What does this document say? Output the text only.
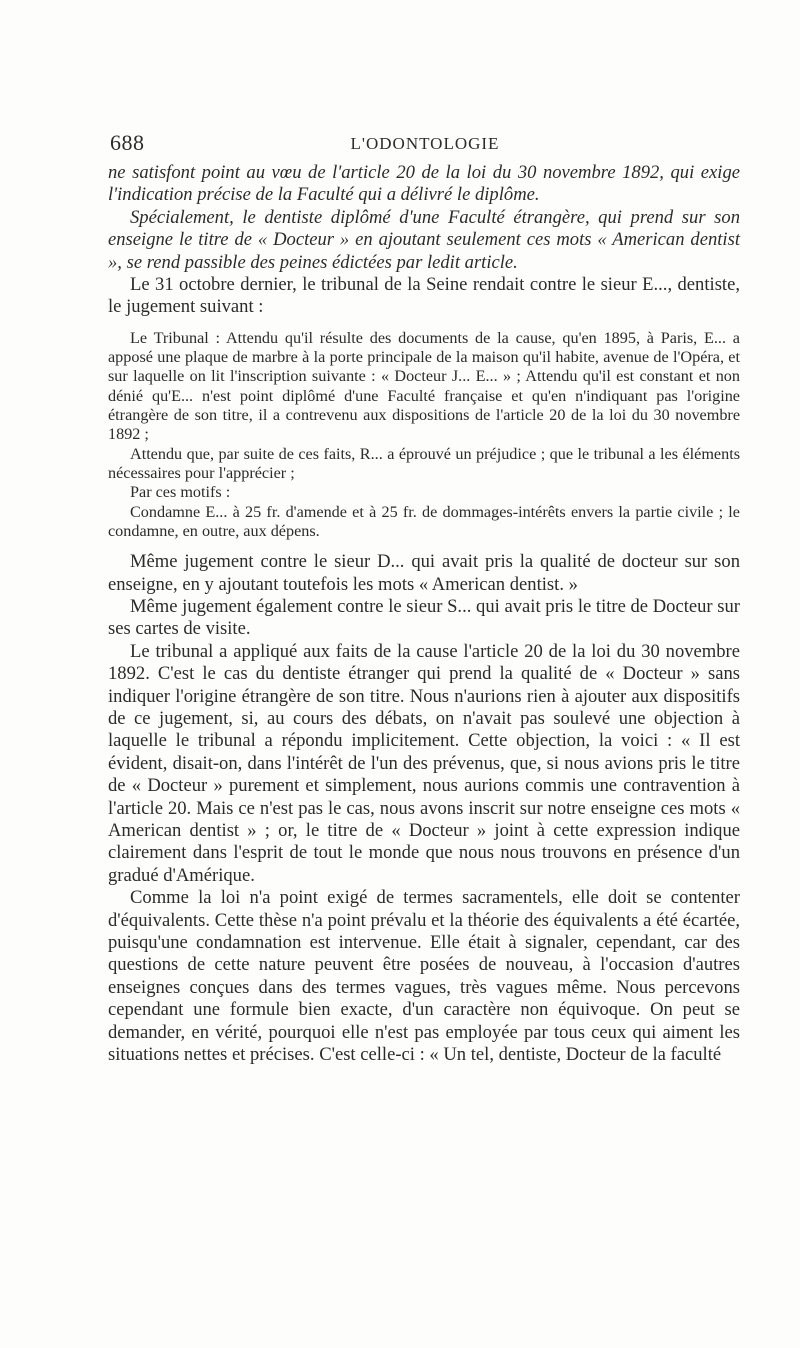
688	L'ODONTOLOGIE

ne satisfont point au vœu de l'article 20 de la loi du 30 novembre 1892, qui exige l'indication précise de la Faculté qui a délivré le diplôme.

Spécialement, le dentiste diplômé d'une Faculté étrangère, qui prend sur son enseigne le titre de « Docteur » en ajoutant seulement ces mots « American dentist », se rend passible des peines édictées par ledit article.

Le 31 octobre dernier, le tribunal de la Seine rendait contre le sieur E..., dentiste, le jugement suivant :

Le Tribunal : Attendu qu'il résulte des documents de la cause, qu'en 1895, à Paris, E... a apposé une plaque de marbre à la porte principale de la maison qu'il habite, avenue de l'Opéra, et sur laquelle on lit l'inscription suivante : « Docteur J... E... » ; Attendu qu'il est constant et non dénié qu'E... n'est point diplômé d'une Faculté française et qu'en n'indiquant pas l'origine étrangère de son titre, il a contrevenu aux dispositions de l'article 20 de la loi du 30 novembre 1892 ;

Attendu que, par suite de ces faits, R... a éprouvé un préjudice ; que le tribunal a les éléments nécessaires pour l'apprécier ;

Par ces motifs :

Condamne E... à 25 fr. d'amende et à 25 fr. de dommages-intérêts envers la partie civile ; le condamne, en outre, aux dépens.

Même jugement contre le sieur D... qui avait pris la qualité de docteur sur son enseigne, en y ajoutant toutefois les mots « American dentist. »

Même jugement également contre le sieur S... qui avait pris le titre de Docteur sur ses cartes de visite.

Le tribunal a appliqué aux faits de la cause l'article 20 de la loi du 30 novembre 1892. C'est le cas du dentiste étranger qui prend la qualité de « Docteur » sans indiquer l'origine étrangère de son titre. Nous n'aurions rien à ajouter aux dispositifs de ce jugement, si, au cours des débats, on n'avait pas soulevé une objection à laquelle le tribunal a répondu implicitement. Cette objection, la voici : « Il est évident, disait-on, dans l'intérêt de l'un des prévenus, que, si nous avions pris le titre de « Docteur » purement et simplement, nous aurions commis une contravention à l'article 20. Mais ce n'est pas le cas, nous avons inscrit sur notre enseigne ces mots « American dentist » ; or, le titre de « Docteur » joint à cette expression indique clairement dans l'esprit de tout le monde que nous nous trouvons en présence d'un gradué d'Amérique.

Comme la loi n'a point exigé de termes sacramentels, elle doit se contenter d'équivalents. Cette thèse n'a point prévalu et la théorie des équivalents a été écartée, puisqu'une condamnation est intervenue. Elle était à signaler, cependant, car des questions de cette nature peuvent être posées de nouveau, à l'occasion d'autres enseignes conçues dans des termes vagues, très vagues même. Nous percevons cependant une formule bien exacte, d'un caractère non équivoque. On peut se demander, en vérité, pourquoi elle n'est pas employée par tous ceux qui aiment les situations nettes et précises. C'est celle-ci : « Un tel, dentiste, Docteur de la faculté
